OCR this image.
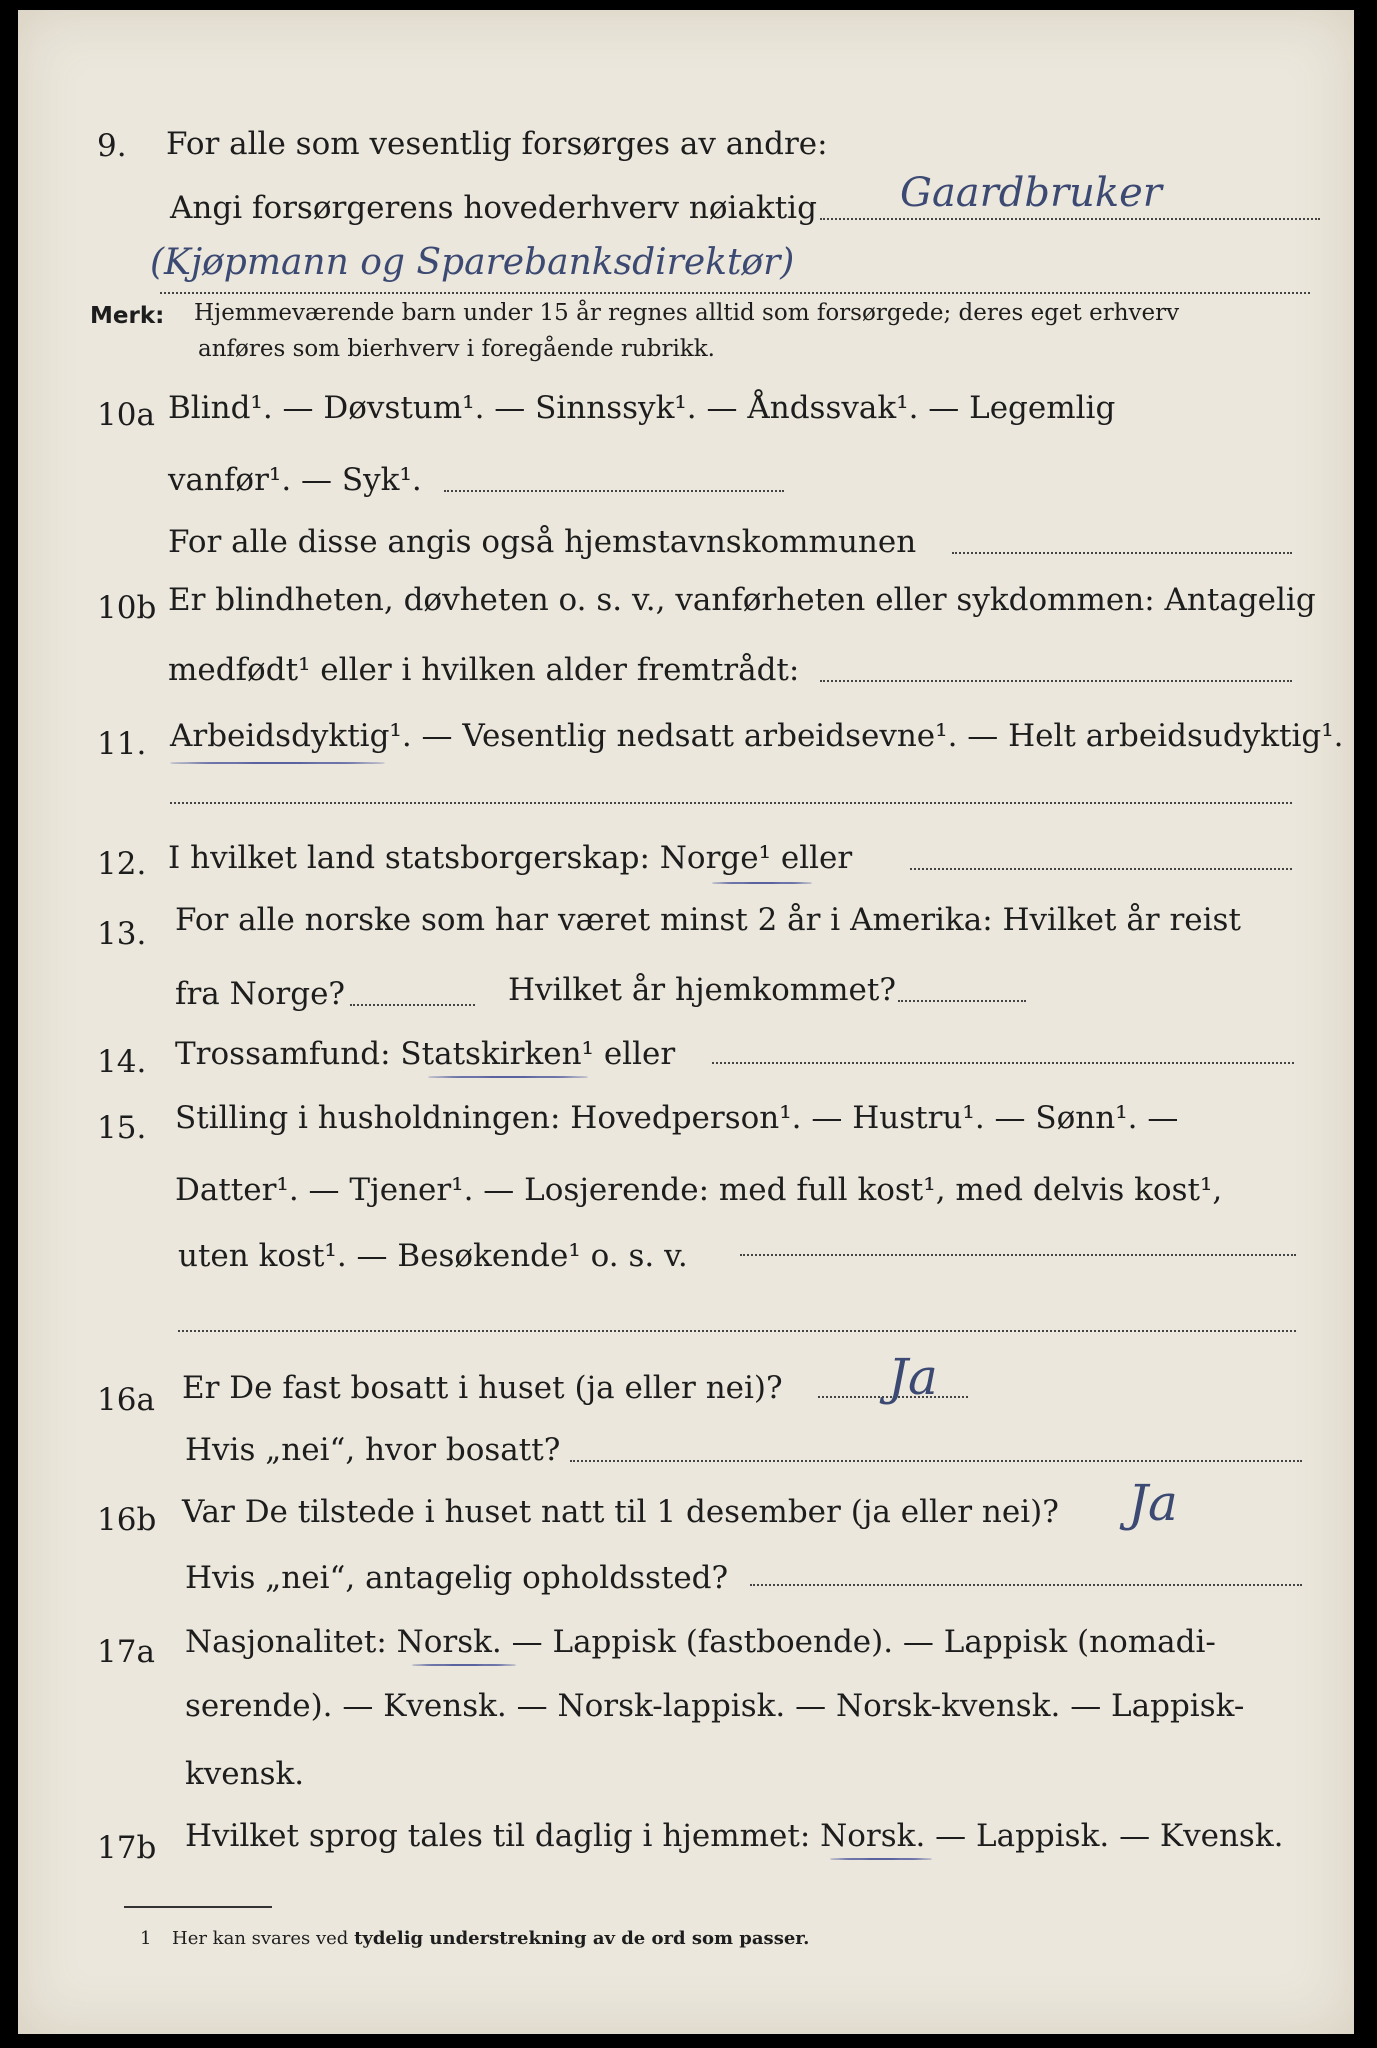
9. For alle som vesentlig forsørges av andre:
Angi forsørgerens hovederhverv nøiaktig Gaardbruker
(Kjøpmann og Sparebanksdirektør)
Merk: Hjemmeværende barn under 15 år regnes alltid som forsørgede; deres eget erhverv
anføres som bierhverv i foregående rubrikk.
10a Blind¹. — Døvstum¹. — Sinnssyk¹. — Åndssvak¹. — Legemlig
vanfør¹. — Syk¹.
For alle disse angis også hjemstavnskommunen
10b Er blindheten, døvheten o. s. v., vanførheten eller sykdommen: Antagelig
medfødt¹ eller i hvilken alder fremtrådt:
11. Arbeidsdyktig¹. — Vesentlig nedsatt arbeidsevne¹. — Helt arbeidsudyktig¹.
12. I hvilket land statsborgerskap: Norge¹ eller
13. For alle norske som har været minst 2 år i Amerika: Hvilket år reist
fra Norge?	Hvilket år hjemkommet?
14. Trossamfund: Statskirken¹ eller
15. Stilling i husholdningen: Hovedperson¹. — Hustru¹. — Sønn¹. —
Datter¹. — Tjener¹. — Losjerende: med full kost¹, med delvis kost¹,
uten kost¹. — Besøkende¹ o. s. v.
16a Er De fast bosatt i huset (ja eller nei)? Ja
Hvis „nei“, hvor bosatt?
16b Var De tilstede i huset natt til 1 desember (ja eller nei)? Ja
Hvis „nei“, antagelig opholdssted?
17a Nasjonalitet: Norsk. — Lappisk (fastboende). — Lappisk (nomadi-
serende). — Kvensk. — Norsk-lappisk. — Norsk-kvensk. — Lappisk-
kvensk.
17b Hvilket sprog tales til daglig i hjemmet: Norsk. — Lappisk. — Kvensk.
1 Her kan svares ved tydelig understrekning av de ord som passer.
